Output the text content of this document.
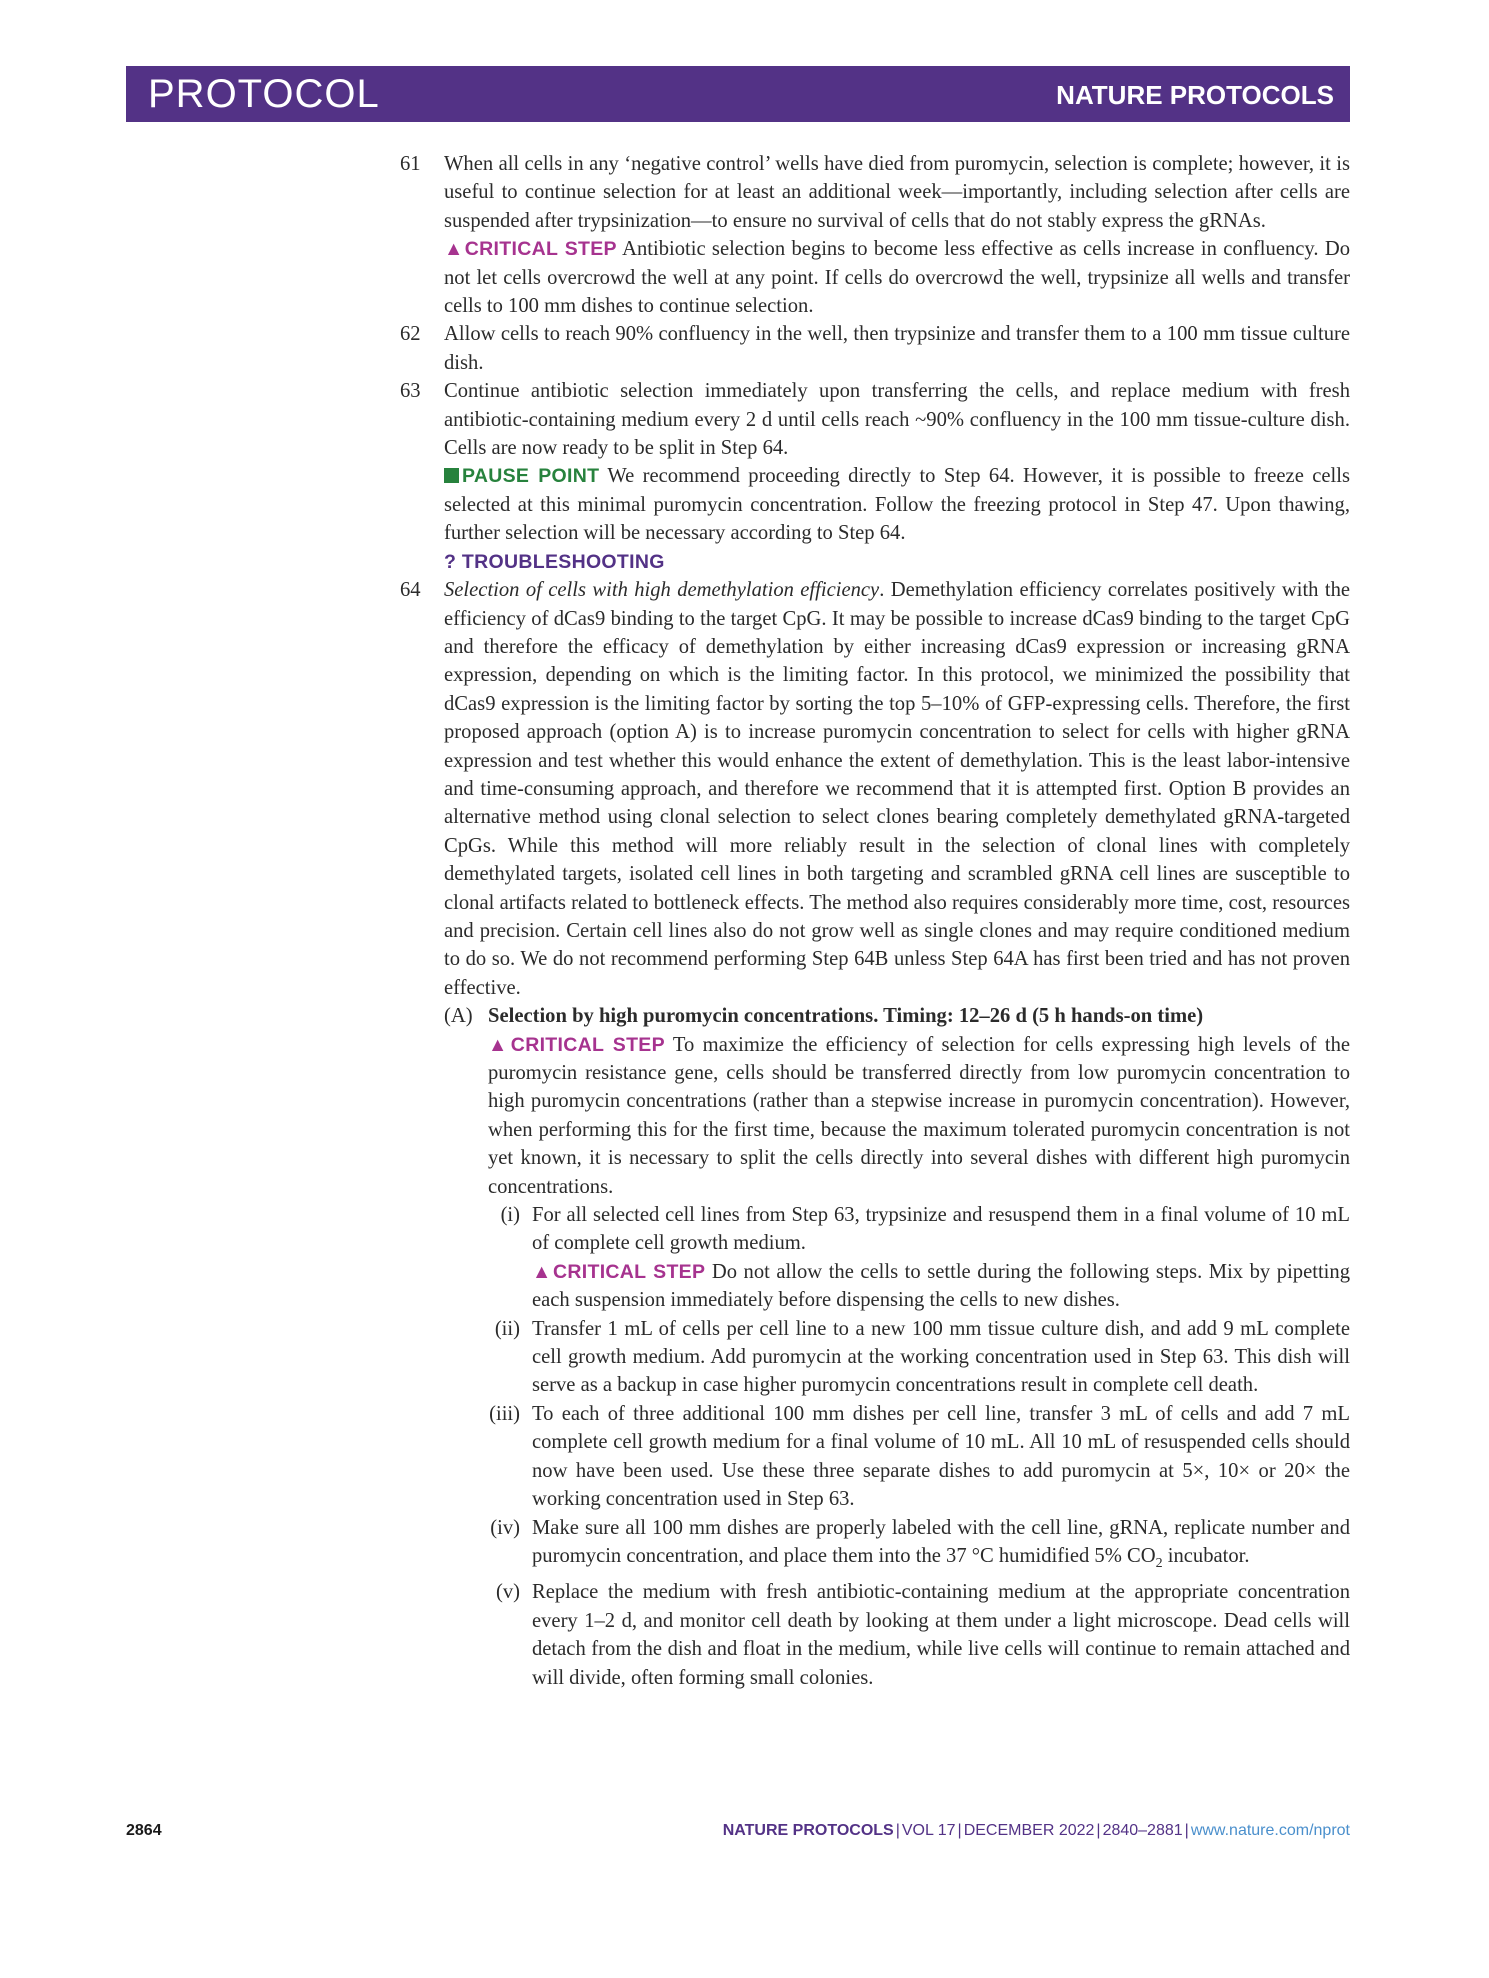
PROTOCOL	NATURE PROTOCOLS
61	When all cells in any ‘negative control’ wells have died from puromycin, selection is complete; however, it is useful to continue selection for at least an additional week—importantly, including selection after cells are suspended after trypsinization—to ensure no survival of cells that do not stably express the gRNAs.

▲CRITICAL STEP Antibiotic selection begins to become less effective as cells increase in confluency. Do not let cells overcrowd the well at any point. If cells do overcrowd the well, trypsinize all wells and transfer cells to 100 mm dishes to continue selection.

62	Allow cells to reach 90% confluency in the well, then trypsinize and transfer them to a 100 mm tissue culture dish.

63	Continue antibiotic selection immediately upon transferring the cells, and replace medium with fresh antibiotic-containing medium every 2 d until cells reach ~90% confluency in the 100 mm tissue-culture dish. Cells are now ready to be split in Step 64.

PAUSE POINT We recommend proceeding directly to Step 64. However, it is possible to freeze cells selected at this minimal puromycin concentration. Follow the freezing protocol in Step 47. Upon thawing, further selection will be necessary according to Step 64.

? TROUBLESHOOTING

64	Selection of cells with high demethylation efficiency. Demethylation efficiency correlates positively with the efficiency of dCas9 binding to the target CpG. It may be possible to increase dCas9 binding to the target CpG and therefore the efficacy of demethylation by either increasing dCas9 expression or increasing gRNA expression, depending on which is the limiting factor. In this protocol, we minimized the possibility that dCas9 expression is the limiting factor by sorting the top 5–10% of GFP-expressing cells. Therefore, the first proposed approach (option A) is to increase puromycin concentration to select for cells with higher gRNA expression and test whether this would enhance the extent of demethylation. This is the least labor-intensive and time-consuming approach, and therefore we recommend that it is attempted first. Option B provides an alternative method using clonal selection to select clones bearing completely demethylated gRNA-targeted CpGs. While this method will more reliably result in the selection of clonal lines with completely demethylated targets, isolated cell lines in both targeting and scrambled gRNA cell lines are susceptible to clonal artifacts related to bottleneck effects. The method also requires considerably more time, cost, resources and precision. Certain cell lines also do not grow well as single clones and may require conditioned medium to do so. We do not recommend performing Step 64B unless Step 64A has first been tried and has not proven effective.

(A) Selection by high puromycin concentrations. Timing: 12–26 d (5 h hands-on time)

▲CRITICAL STEP To maximize the efficiency of selection for cells expressing high levels of the puromycin resistance gene, cells should be transferred directly from low puromycin concentration to high puromycin concentrations (rather than a stepwise increase in puromycin concentration). However, when performing this for the first time, because the maximum tolerated puromycin concentration is not yet known, it is necessary to split the cells directly into several dishes with different high puromycin concentrations.

(i) For all selected cell lines from Step 63, trypsinize and resuspend them in a final volume of 10 mL of complete cell growth medium.

▲CRITICAL STEP Do not allow the cells to settle during the following steps. Mix by pipetting each suspension immediately before dispensing the cells to new dishes.

(ii) Transfer 1 mL of cells per cell line to a new 100 mm tissue culture dish, and add 9 mL complete cell growth medium. Add puromycin at the working concentration used in Step 63. This dish will serve as a backup in case higher puromycin concentrations result in complete cell death.

(iii) To each of three additional 100 mm dishes per cell line, transfer 3 mL of cells and add 7 mL complete cell growth medium for a final volume of 10 mL. All 10 mL of resuspended cells should now have been used. Use these three separate dishes to add puromycin at 5×, 10× or 20× the working concentration used in Step 63.

(iv) Make sure all 100 mm dishes are properly labeled with the cell line, gRNA, replicate number and puromycin concentration, and place them into the 37 °C humidified 5% $CO_2$ incubator.

(v) Replace the medium with fresh antibiotic-containing medium at the appropriate concentration every 1–2 d, and monitor cell death by looking at them under a light microscope. Dead cells will detach from the dish and float in the medium, while live cells will continue to remain attached and will divide, often forming small colonies.

2864	NATURE PROTOCOLS | VOL 17 | DECEMBER 2022 | 2840–2881 | www.nature.com/nprot
